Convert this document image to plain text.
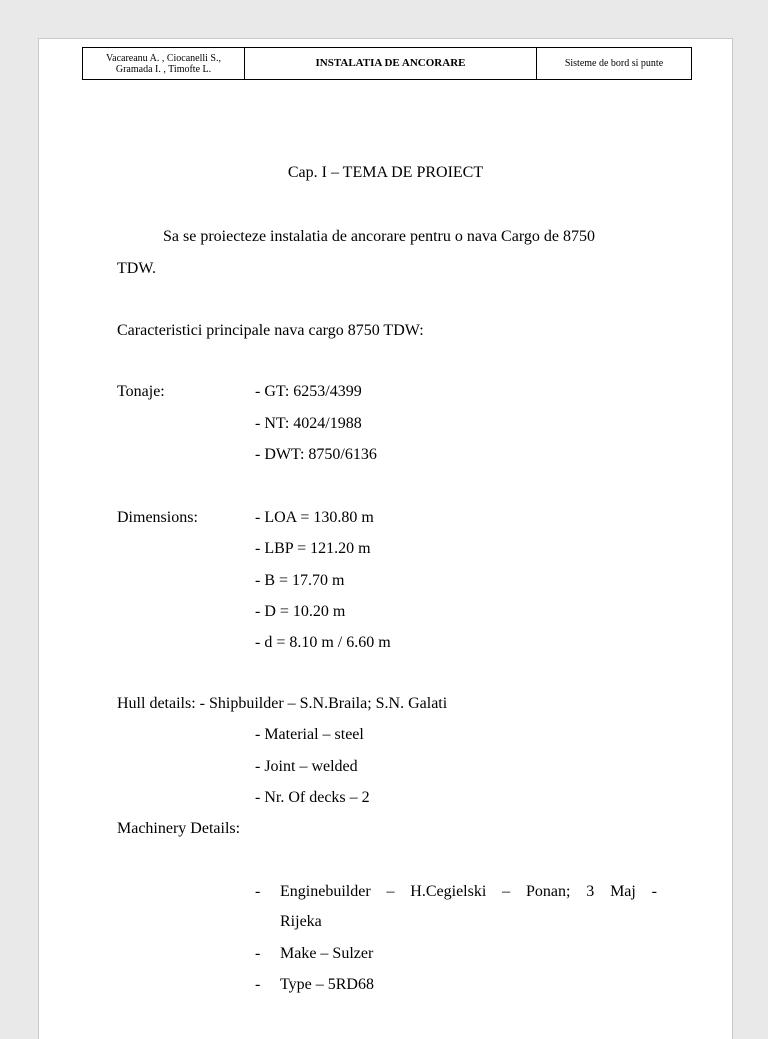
Vacareanu A. , Ciocanelli S.,
Gramada I. , Timofte L.	INSTALATIA DE ANCORARE	Sisteme de bord si punte
Cap. I – TEMA DE PROIECT
Sa se proiecteze instalatia de ancorare pentru o nava Cargo de 8750
TDW.
Caracteristici principale nava cargo 8750 TDW:
Tonaje:	- GT: 6253/4399
- NT: 4024/1988
- DWT: 8750/6136
Dimensions:	- LOA = 130.80 m
- LBP = 121.20 m
- B = 17.70 m
- D = 10.20 m
- d = 8.10 m / 6.60 m
Hull details: - Shipbuilder – S.N.Braila; S.N. Galati
- Material – steel
- Joint – welded
- Nr. Of decks – 2
Machinery Details:
- Enginebuilder – H.Cegielski – Ponan; 3 Maj -
Rijeka
- Make – Sulzer
- Type – 5RD68
